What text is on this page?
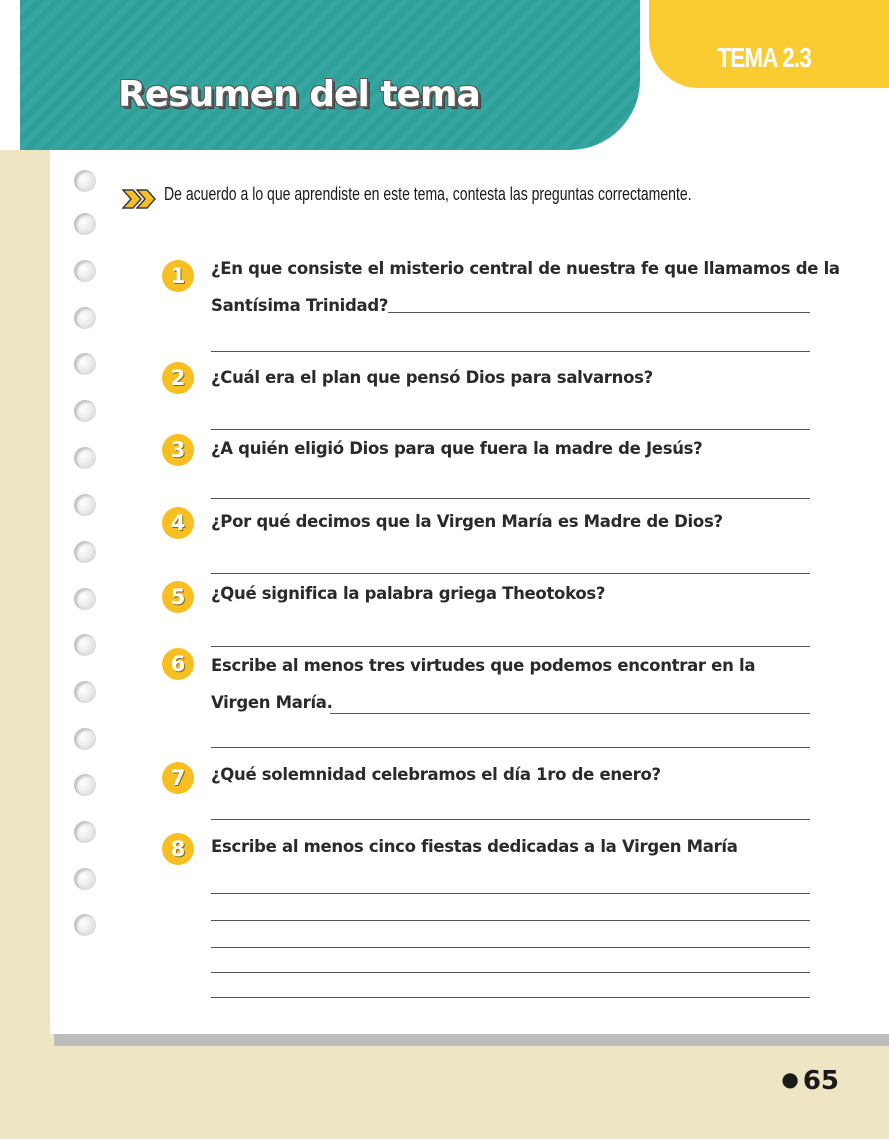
Resumen del tema
TEMA 2.3

De acuerdo a lo que aprendiste en este tema, contesta las preguntas correctamente.

1	¿En que consiste el misterio central de nuestra fe que llamamos de la

Santísima Trinidad?

2	¿Cuál era el plan que pensó Dios para salvarnos?

3	¿A quién eligió Dios para que fuera la madre de Jesús?

4	¿Por qué decimos que la Virgen María es Madre de Dios?

5	¿Qué significa la palabra griega Theotokos?

6	Escribe al menos tres virtudes que podemos encontrar en la

Virgen María.

7	¿Qué solemnidad celebramos el día 1ro de enero?

8	Escribe al menos cinco fiestas dedicadas a la Virgen María

● 65
